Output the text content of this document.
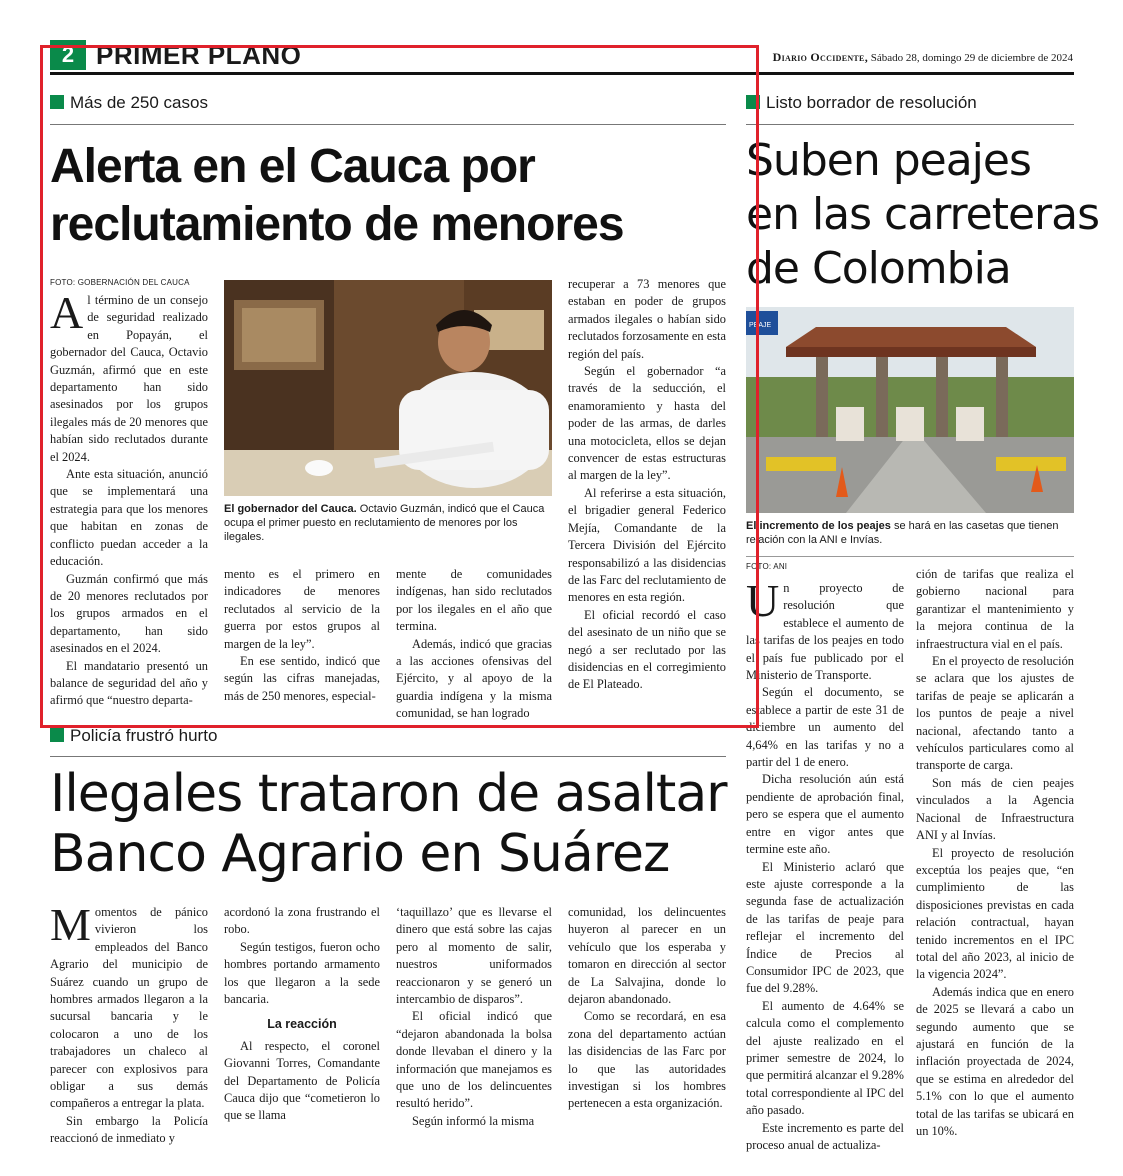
2 PRIMER PLANO	Diario Occidente, Sábado 28, domingo 29 de diciembre de 2024
Más de 250 casos
Alerta en el Cauca por
reclutamiento de menores
FOTO: GOBERNACIÓN DEL CAUCA
El gobernador del Cauca. Octavio Guzmán, indicó que el Cauca ocupa el primer puesto en reclutamiento de menores por los ilegales.

Al término de un consejo de seguridad realizado en Popayán, el gobernador del Cauca, Octavio Guzmán, afirmó que en este departamento han sido asesinados por los grupos ilegales más de 20 menores que habían sido reclutados durante el 2024.

Ante esta situación, anunció que se implementará una estrategia para que los menores que habitan en zonas de conflicto puedan acceder a la educación.

Guzmán confirmó que más de 20 menores reclutados por los grupos armados en el departamento, han sido asesinados en el 2024.

El mandatario presentó un balance de seguridad del año y afirmó que “nuestro departa-

mento es el primero en indicadores de menores reclutados al servicio de la guerra por estos grupos al margen de la ley”.

En ese sentido, indicó que según las cifras manejadas, más de 250 menores, especial-

mente de comunidades indígenas, han sido reclutados por los ilegales en el año que termina.

Además, indicó que gracias a las acciones ofensivas del Ejército, y al apoyo de la guardia indígena y la misma comunidad, se han logrado

recuperar a 73 menores que estaban en poder de grupos armados ilegales o habían sido reclutados forzosamente en esta región del país.

Según el gobernador “a través de la seducción, el enamoramiento y hasta del poder de las armas, de darles una motocicleta, ellos se dejan convencer de estas estructuras al margen de la ley”.

Al referirse a esta situación, el brigadier general Federico Mejía, Comandante de la Tercera División del Ejército responsabilizó a las disidencias de las Farc del reclutamiento de menores en esta región.

El oficial recordó el caso del asesinato de un niño que se negó a ser reclutado por las disidencias en el corregimiento de El Plateado.

Listo borrador de resolución
Suben peajes
en las carreteras
de Colombia
PEAJE
El incremento de los peajes se hará en las casetas que tienen relación con la ANI e Invías.
FOTO: ANI

Un proyecto de resolución que establece el aumento de las tarifas de los peajes en todo el país fue publicado por el Ministerio de Transporte.

Según el documento, se establece a partir de este 31 de diciembre un aumento del 4,64% en las tarifas y no a partir del 1 de enero.

Dicha resolución aún está pendiente de aprobación final, pero se espera que el aumento entre en vigor antes que termine este año.

El Ministerio aclaró que este ajuste corresponde a la segunda fase de actualización de las tarifas de peaje para reflejar el incremento del Índice de Precios al Consumidor IPC de 2023, que fue del 9.28%.

El aumento de 4.64% se calcula como el complemento del ajuste realizado en el primer semestre de 2024, lo que permitirá alcanzar el 9.28% total correspondiente al IPC del año pasado.

Este incremento es parte del proceso anual de actualiza-

ción de tarifas que realiza el gobierno nacional para garantizar el mantenimiento y la mejora continua de la infraestructura vial en el país.

En el proyecto de resolución se aclara que los ajustes de tarifas de peaje se aplicarán a los puntos de peaje a nivel nacional, afectando tanto a vehículos particulares como al transporte de carga.

Son más de cien peajes vinculados a la Agencia Nacional de Infraestructura ANI y al Invías.

El proyecto de resolución exceptúa los peajes que, “en cumplimiento de las disposiciones previstas en cada relación contractual, hayan tenido incrementos en el IPC total del año 2023, al inicio de la vigencia 2024”.

Además indica que en enero de 2025 se llevará a cabo un segundo aumento que se ajustará en función de la inflación proyectada de 2024, que se estima en alrededor del 5.1% con lo que el aumento total de las tarifas se ubicará en un 10%.

Policía frustró hurto
Ilegales trataron de asaltar
Banco Agrario en Suárez

Momentos de pánico vivieron los empleados del Banco Agrario del municipio de Suárez cuando un grupo de hombres armados llegaron a la sucursal bancaria y le colocaron a uno de los trabajadores un chaleco al parecer con explosivos para obligar a sus demás compañeros a entregar la plata.

Sin embargo la Policía reaccionó de inmediato y

acordonó la zona frustrando el robo.

Según testigos, fueron ocho hombres portando armamento los que llegaron a la sede bancaria.

La reacción

Al respecto, el coronel Giovanni Torres, Comandante del Departamento de Policía Cauca dijo que “cometieron lo que se llama

‘taquillazo’ que es llevarse el dinero que está sobre las cajas pero al momento de salir, nuestros uniformados reaccionaron y se generó un intercambio de disparos”.

El oficial indicó que “dejaron abandonada la bolsa donde llevaban el dinero y la información que manejamos es que uno de los delincuentes resultó herido”.

Según informó la misma

comunidad, los delincuentes huyeron al parecer en un vehículo que los esperaba y tomaron en dirección al sector de La Salvajina, donde lo dejaron abandonado.

Como se recordará, en esa zona del departamento actúan las disidencias de las Farc por lo que las autoridades investigan si los hombres pertenecen a esta organización.
